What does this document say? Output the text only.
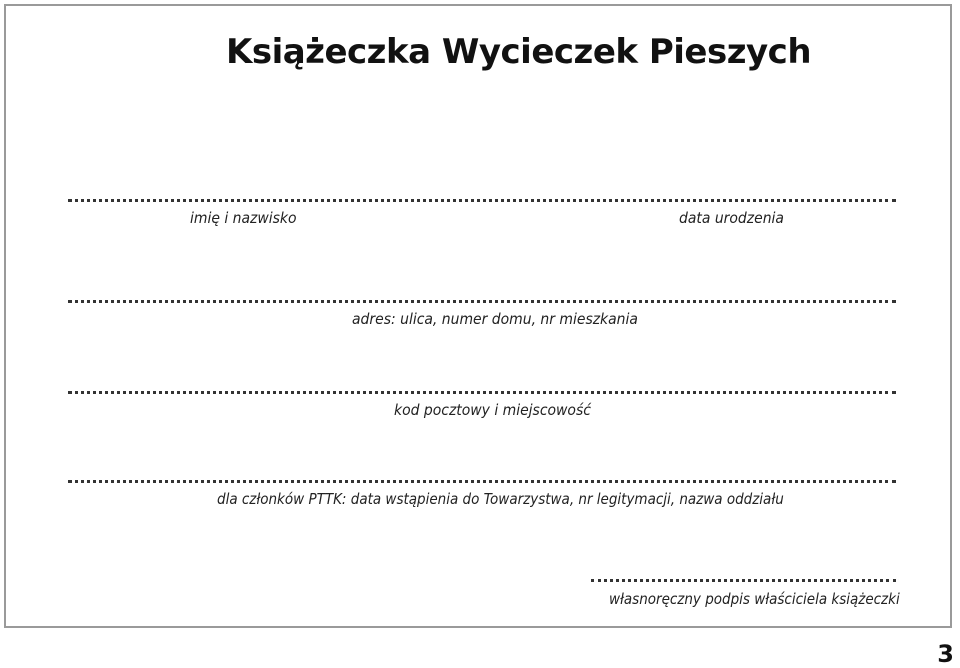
Książeczka Wycieczek Pieszych

imię i nazwisko	data urodzenia

adres: ulica, numer domu, nr mieszkania

kod pocztowy i miejscowość

dla członków PTTK: data wstąpienia do Towarzystwa, nr legitymacji, nazwa oddziału

własnoręczny podpis właściciela książeczki

3
